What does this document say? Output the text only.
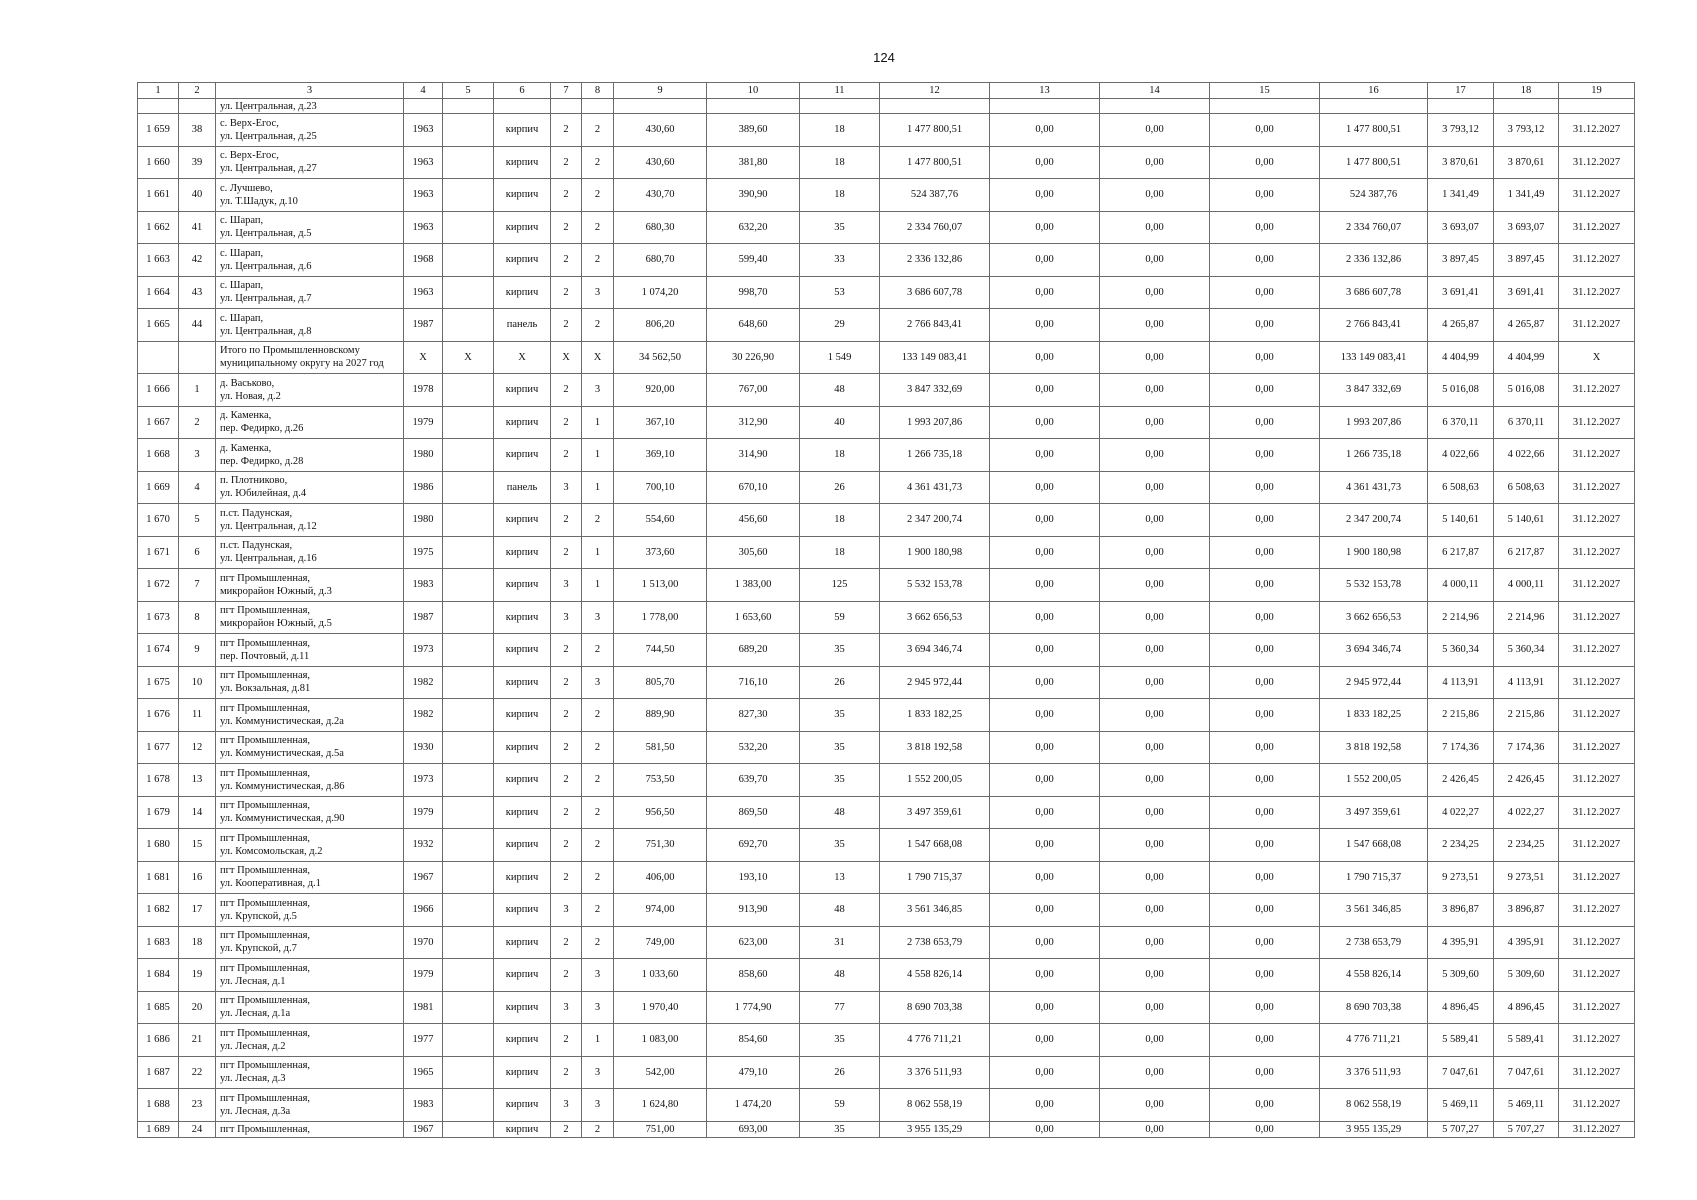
124
1	2	3	4	5	6	7	8	9	10	11	12	13	14	15	16	17	18	19
		ул. Центральная, д.23																
1 659	38	с. Верх-Егос,
ул. Центральная, д.25	1963		кирпич	2	2	430,60	389,60	18	1 477 800,51	0,00	0,00	0,00	1 477 800,51	3 793,12	3 793,12	31.12.2027
1 660	39	с. Верх-Егос,
ул. Центральная, д.27	1963		кирпич	2	2	430,60	381,80	18	1 477 800,51	0,00	0,00	0,00	1 477 800,51	3 870,61	3 870,61	31.12.2027
1 661	40	с. Лучшево,
ул. Т.Шадук, д.10	1963		кирпич	2	2	430,70	390,90	18	524 387,76	0,00	0,00	0,00	524 387,76	1 341,49	1 341,49	31.12.2027
1 662	41	с. Шарап,
ул. Центральная, д.5	1963		кирпич	2	2	680,30	632,20	35	2 334 760,07	0,00	0,00	0,00	2 334 760,07	3 693,07	3 693,07	31.12.2027
1 663	42	с. Шарап,
ул. Центральная, д.6	1968		кирпич	2	2	680,70	599,40	33	2 336 132,86	0,00	0,00	0,00	2 336 132,86	3 897,45	3 897,45	31.12.2027
1 664	43	с. Шарап,
ул. Центральная, д.7	1963		кирпич	2	3	1 074,20	998,70	53	3 686 607,78	0,00	0,00	0,00	3 686 607,78	3 691,41	3 691,41	31.12.2027
1 665	44	с. Шарап,
ул. Центральная, д.8	1987		панель	2	2	806,20	648,60	29	2 766 843,41	0,00	0,00	0,00	2 766 843,41	4 265,87	4 265,87	31.12.2027
		Итого по Промышленновскому
муниципальному округу на 2027 год	X	X	X	X	X	34 562,50	30 226,90	1 549	133 149 083,41	0,00	0,00	0,00	133 149 083,41	4 404,99	4 404,99	X
1 666	1	д. Васьково,
ул. Новая, д.2	1978		кирпич	2	3	920,00	767,00	48	3 847 332,69	0,00	0,00	0,00	3 847 332,69	5 016,08	5 016,08	31.12.2027
1 667	2	д. Каменка,
пер. Федирко, д.26	1979		кирпич	2	1	367,10	312,90	40	1 993 207,86	0,00	0,00	0,00	1 993 207,86	6 370,11	6 370,11	31.12.2027
1 668	3	д. Каменка,
пер. Федирко, д.28	1980		кирпич	2	1	369,10	314,90	18	1 266 735,18	0,00	0,00	0,00	1 266 735,18	4 022,66	4 022,66	31.12.2027
1 669	4	п. Плотниково,
ул. Юбилейная, д.4	1986		панель	3	1	700,10	670,10	26	4 361 431,73	0,00	0,00	0,00	4 361 431,73	6 508,63	6 508,63	31.12.2027
1 670	5	п.ст. Падунская,
ул. Центральная, д.12	1980		кирпич	2	2	554,60	456,60	18	2 347 200,74	0,00	0,00	0,00	2 347 200,74	5 140,61	5 140,61	31.12.2027
1 671	6	п.ст. Падунская,
ул. Центральная, д.16	1975		кирпич	2	1	373,60	305,60	18	1 900 180,98	0,00	0,00	0,00	1 900 180,98	6 217,87	6 217,87	31.12.2027
1 672	7	пгт Промышленная,
микрорайон Южный, д.3	1983		кирпич	3	1	1 513,00	1 383,00	125	5 532 153,78	0,00	0,00	0,00	5 532 153,78	4 000,11	4 000,11	31.12.2027
1 673	8	пгт Промышленная,
микрорайон Южный, д.5	1987		кирпич	3	3	1 778,00	1 653,60	59	3 662 656,53	0,00	0,00	0,00	3 662 656,53	2 214,96	2 214,96	31.12.2027
1 674	9	пгт Промышленная,
пер. Почтовый, д.11	1973		кирпич	2	2	744,50	689,20	35	3 694 346,74	0,00	0,00	0,00	3 694 346,74	5 360,34	5 360,34	31.12.2027
1 675	10	пгт Промышленная,
ул. Вокзальная, д.81	1982		кирпич	2	3	805,70	716,10	26	2 945 972,44	0,00	0,00	0,00	2 945 972,44	4 113,91	4 113,91	31.12.2027
1 676	11	пгт Промышленная,
ул. Коммунистическая, д.2а	1982		кирпич	2	2	889,90	827,30	35	1 833 182,25	0,00	0,00	0,00	1 833 182,25	2 215,86	2 215,86	31.12.2027
1 677	12	пгт Промышленная,
ул. Коммунистическая, д.5а	1930		кирпич	2	2	581,50	532,20	35	3 818 192,58	0,00	0,00	0,00	3 818 192,58	7 174,36	7 174,36	31.12.2027
1 678	13	пгт Промышленная,
ул. Коммунистическая, д.86	1973		кирпич	2	2	753,50	639,70	35	1 552 200,05	0,00	0,00	0,00	1 552 200,05	2 426,45	2 426,45	31.12.2027
1 679	14	пгт Промышленная,
ул. Коммунистическая, д.90	1979		кирпич	2	2	956,50	869,50	48	3 497 359,61	0,00	0,00	0,00	3 497 359,61	4 022,27	4 022,27	31.12.2027
1 680	15	пгт Промышленная,
ул. Комсомольская, д.2	1932		кирпич	2	2	751,30	692,70	35	1 547 668,08	0,00	0,00	0,00	1 547 668,08	2 234,25	2 234,25	31.12.2027
1 681	16	пгт Промышленная,
ул. Кооперативная, д.1	1967		кирпич	2	2	406,00	193,10	13	1 790 715,37	0,00	0,00	0,00	1 790 715,37	9 273,51	9 273,51	31.12.2027
1 682	17	пгт Промышленная,
ул. Крупской, д.5	1966		кирпич	3	2	974,00	913,90	48	3 561 346,85	0,00	0,00	0,00	3 561 346,85	3 896,87	3 896,87	31.12.2027
1 683	18	пгт Промышленная,
ул. Крупской, д.7	1970		кирпич	2	2	749,00	623,00	31	2 738 653,79	0,00	0,00	0,00	2 738 653,79	4 395,91	4 395,91	31.12.2027
1 684	19	пгт Промышленная,
ул. Лесная, д.1	1979		кирпич	2	3	1 033,60	858,60	48	4 558 826,14	0,00	0,00	0,00	4 558 826,14	5 309,60	5 309,60	31.12.2027
1 685	20	пгт Промышленная,
ул. Лесная, д.1а	1981		кирпич	3	3	1 970,40	1 774,90	77	8 690 703,38	0,00	0,00	0,00	8 690 703,38	4 896,45	4 896,45	31.12.2027
1 686	21	пгт Промышленная,
ул. Лесная, д.2	1977		кирпич	2	1	1 083,00	854,60	35	4 776 711,21	0,00	0,00	0,00	4 776 711,21	5 589,41	5 589,41	31.12.2027
1 687	22	пгт Промышленная,
ул. Лесная, д.3	1965		кирпич	2	3	542,00	479,10	26	3 376 511,93	0,00	0,00	0,00	3 376 511,93	7 047,61	7 047,61	31.12.2027
1 688	23	пгт Промышленная,
ул. Лесная, д.3а	1983		кирпич	3	3	1 624,80	1 474,20	59	8 062 558,19	0,00	0,00	0,00	8 062 558,19	5 469,11	5 469,11	31.12.2027
1 689	24	пгт Промышленная,	1967		кирпич	2	2	751,00	693,00	35	3 955 135,29	0,00	0,00	0,00	3 955 135,29	5 707,27	5 707,27	31.12.2027
